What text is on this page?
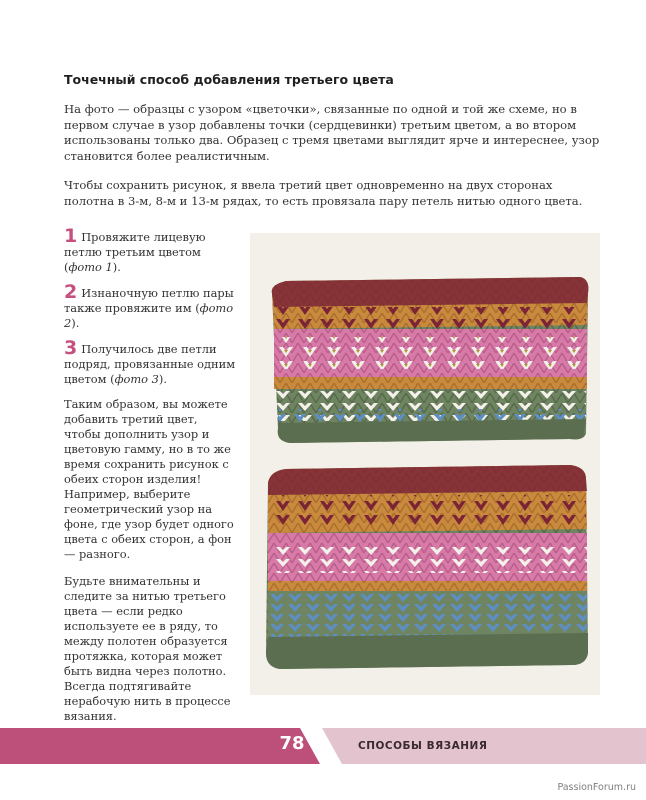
Точечный способ добавления третьего цвета

На фото — образцы с узором «цветочки», связанные по одной и той же схеме, но в первом случае в узор добавлены точки (сердцевинки) третьим цветом, а во втором использованы только два. Образец с тремя цветами выглядит ярче и интереснее, узор становится более реалистичным.

Чтобы сохранить рисунок, я ввела третий цвет одновременно на двух сторонах полотна в 3-м, 8-м и 13-м рядах, то есть провязала пару петель нитью одного цвета.

1 Провяжите лицевую петлю третьим цветом (фото 1).
2 Изнаночную петлю пары также провяжите им (фото 2).
3 Получилось две петли подряд, провязанные одним цветом (фото 3).

Таким образом, вы можете добавить третий цвет, чтобы дополнить узор и цветовую гамму, но в то же время сохранить рисунок с обеих сторон изделия! Например, выберите геометрический узор на фоне, где узор будет одного цвета с обеих сторон, а фон — разного.

Будьте внимательны и следите за нитью третьего цвета — если редко используете ее в ряду, то между полотен образуется протяжка, которая может быть видна через полотно. Всегда подтягивайте нерабочую нить в процессе вязания.

78	СПОСОБЫ ВЯЗАНИЯ
PassionForum.ru
